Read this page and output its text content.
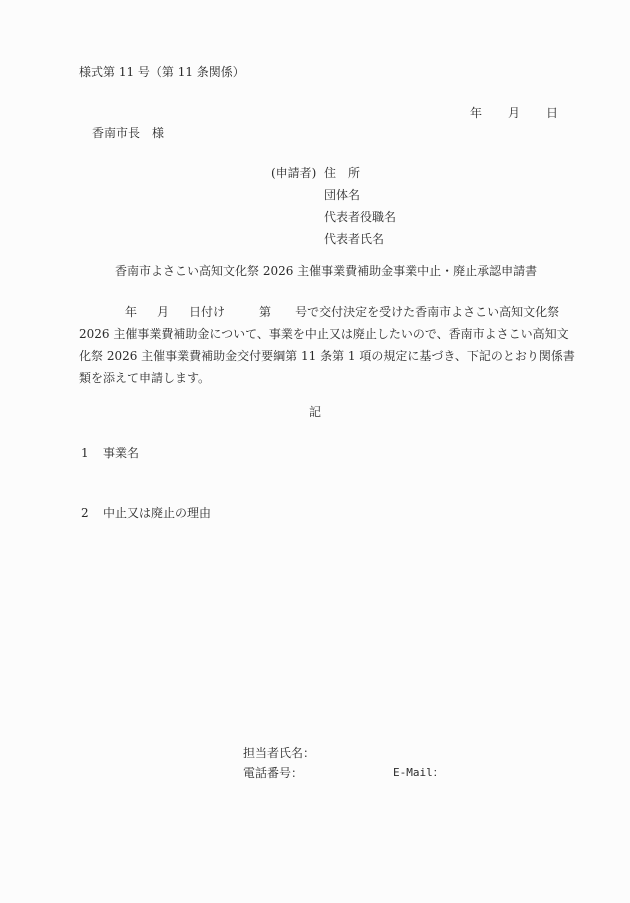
様式第 11 号（第 11 条関係）
年 月 日
香南市長 様
(申請者) 住　所
団体名
代表者役職名
代表者氏名
香南市よさこい高知文化祭 2026 主催事業費補助金事業中止・廃止承認申請書
年 月 日付け	第 号で交付決定を受けた香南市よさこい高知文化祭
2026 主催事業費補助金について、事業を中止又は廃止したいので、香南市よさこい高知文
化祭 2026 主催事業費補助金交付要綱第 11 条第 1 項の規定に基づき、下記のとおり関係書
類を添えて申請します。
記
1 事業名
2 中止又は廃止の理由
担当者氏名：
電話番号：	E-Mail：
